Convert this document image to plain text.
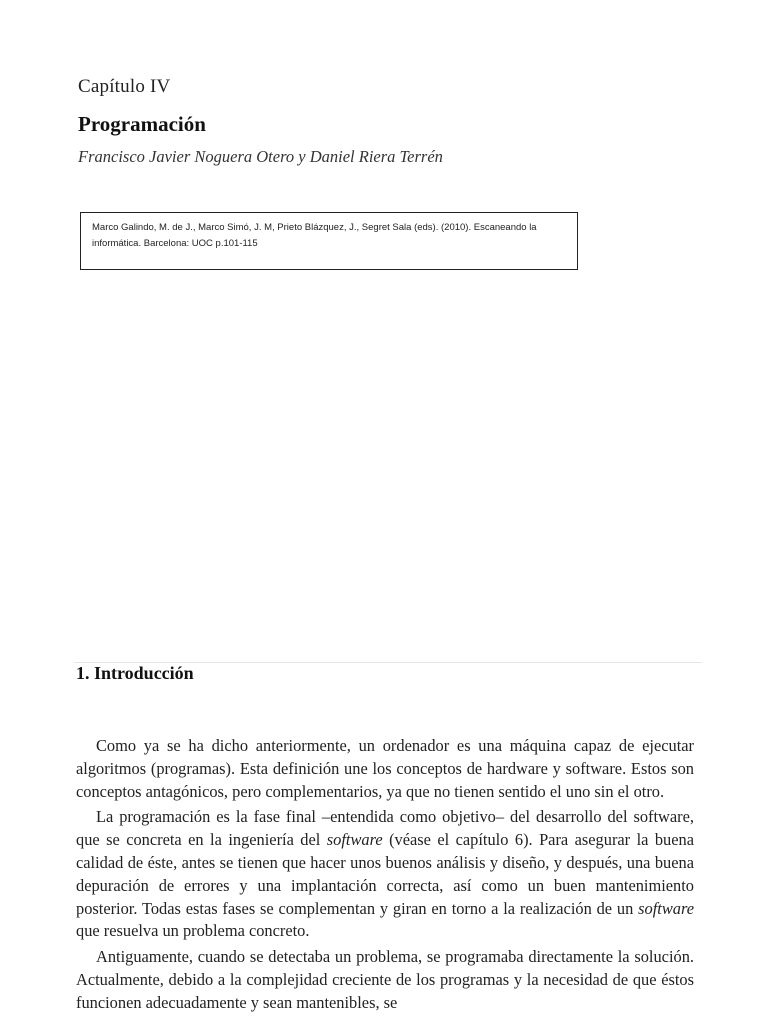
Capítulo IV
Programación
Francisco Javier Noguera Otero y Daniel Riera Terrén
Marco Galindo, M. de J., Marco Simó, J. M, Prieto Blázquez, J., Segret Sala (eds). (2010). Escaneando la
informática. Barcelona: UOC p.101-115
1. Introducción

Como ya se ha dicho anteriormente, un ordenador es una máquina capaz de ejecutar algoritmos (programas). Esta definición une los conceptos de hardware y software. Estos son conceptos antagónicos, pero complementarios, ya que no tienen sentido el uno sin el otro.

La programación es la fase final –entendida como objetivo– del desarrollo del software, que se concreta en la ingeniería del software (véase el capítulo 6). Para asegurar la buena calidad de éste, antes se tienen que hacer unos buenos análisis y diseño, y después, una buena depuración de errores y una implantación correcta, así como un buen mantenimiento posterior. Todas estas fases se complementan y giran en torno a la realización de un software que resuelva un problema concreto.

Antiguamente, cuando se detectaba un problema, se programaba directamente la solución. Actualmente, debido a la complejidad creciente de los programas y la necesidad de que éstos funcionen adecuadamente y sean mantenibles, se
